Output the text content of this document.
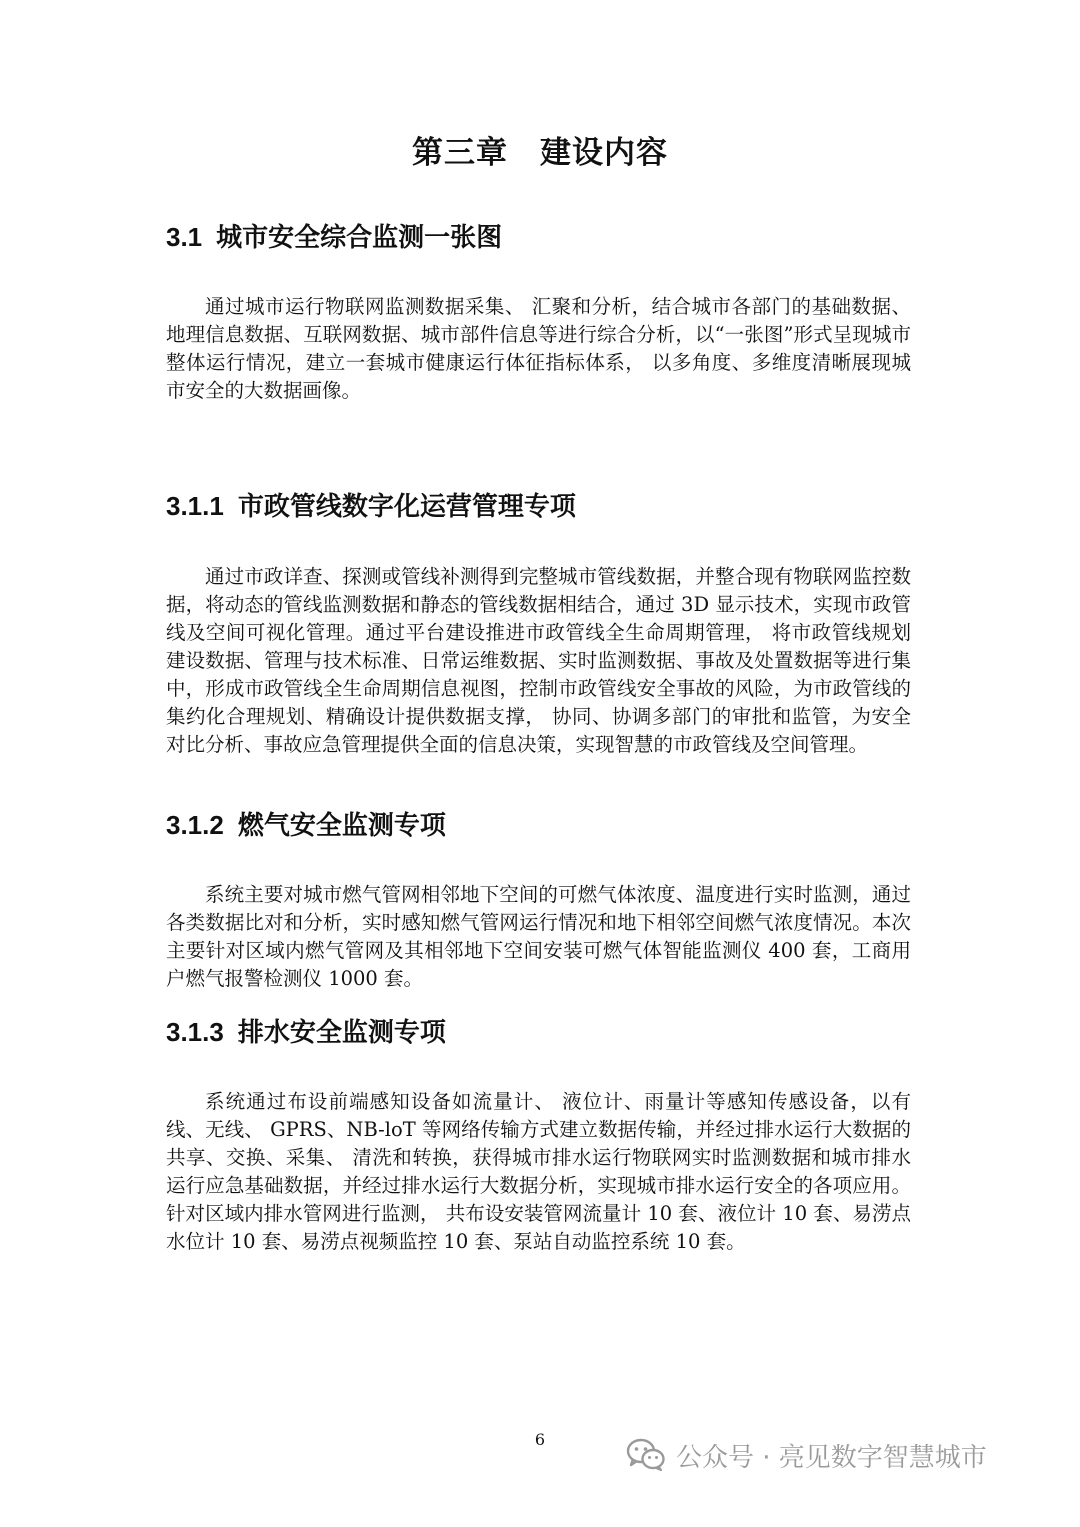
第三章　建设内容
3.1 城市安全综合监测一张图

通过城市运行物联网监测数据采集、 汇聚和分析，结合城市各部门的基础数据、地理信息数据、互联网数据、城市部件信息等进行综合分析，以“一张图”形式呈现城市整体运行情况，建立一套城市健康运行体征指标体系， 以多角度、多维度清晰展现城市安全的大数据画像。

3.1.1 市政管线数字化运营管理专项

通过市政详查、探测或管线补测得到完整城市管线数据，并整合现有物联网监控数据，将动态的管线监测数据和静态的管线数据相结合，通过 3D 显示技术，实现市政管线及空间可视化管理。通过平台建设推进市政管线全生命周期管理， 将市政管线规划建设数据、管理与技术标准、日常运维数据、实时监测数据、事故及处置数据等进行集中，形成市政管线全生命周期信息视图，控制市政管线安全事故的风险，为市政管线的集约化合理规划、精确设计提供数据支撑， 协同、协调多部门的审批和监管，为安全对比分析、事故应急管理提供全面的信息决策，实现智慧的市政管线及空间管理。

3.1.2 燃气安全监测专项

系统主要对城市燃气管网相邻地下空间的可燃气体浓度、温度进行实时监测，通过各类数据比对和分析，实时感知燃气管网运行情况和地下相邻空间燃气浓度情况。本次主要针对区域内燃气管网及其相邻地下空间安装可燃气体智能监测仪 400 套，工商用户燃气报警检测仪 1000 套。

3.1.3 排水安全监测专项

系统通过布设前端感知设备如流量计、 液位计、雨量计等感知传感设备，以有线、无线、 GPRS、NB-loT 等网络传输方式建立数据传输，并经过排水运行大数据的共享、交换、采集、 清洗和转换，获得城市排水运行物联网实时监测数据和城市排水运行应急基础数据，并经过排水运行大数据分析，实现城市排水运行安全的各项应用。针对区域内排水管网进行监测， 共布设安装管网流量计 10 套、液位计 10 套、易涝点水位计 10 套、易涝点视频监控 10 套、泵站自动监控系统 10 套。

6
公众号 · 亮见数字智慧城市
